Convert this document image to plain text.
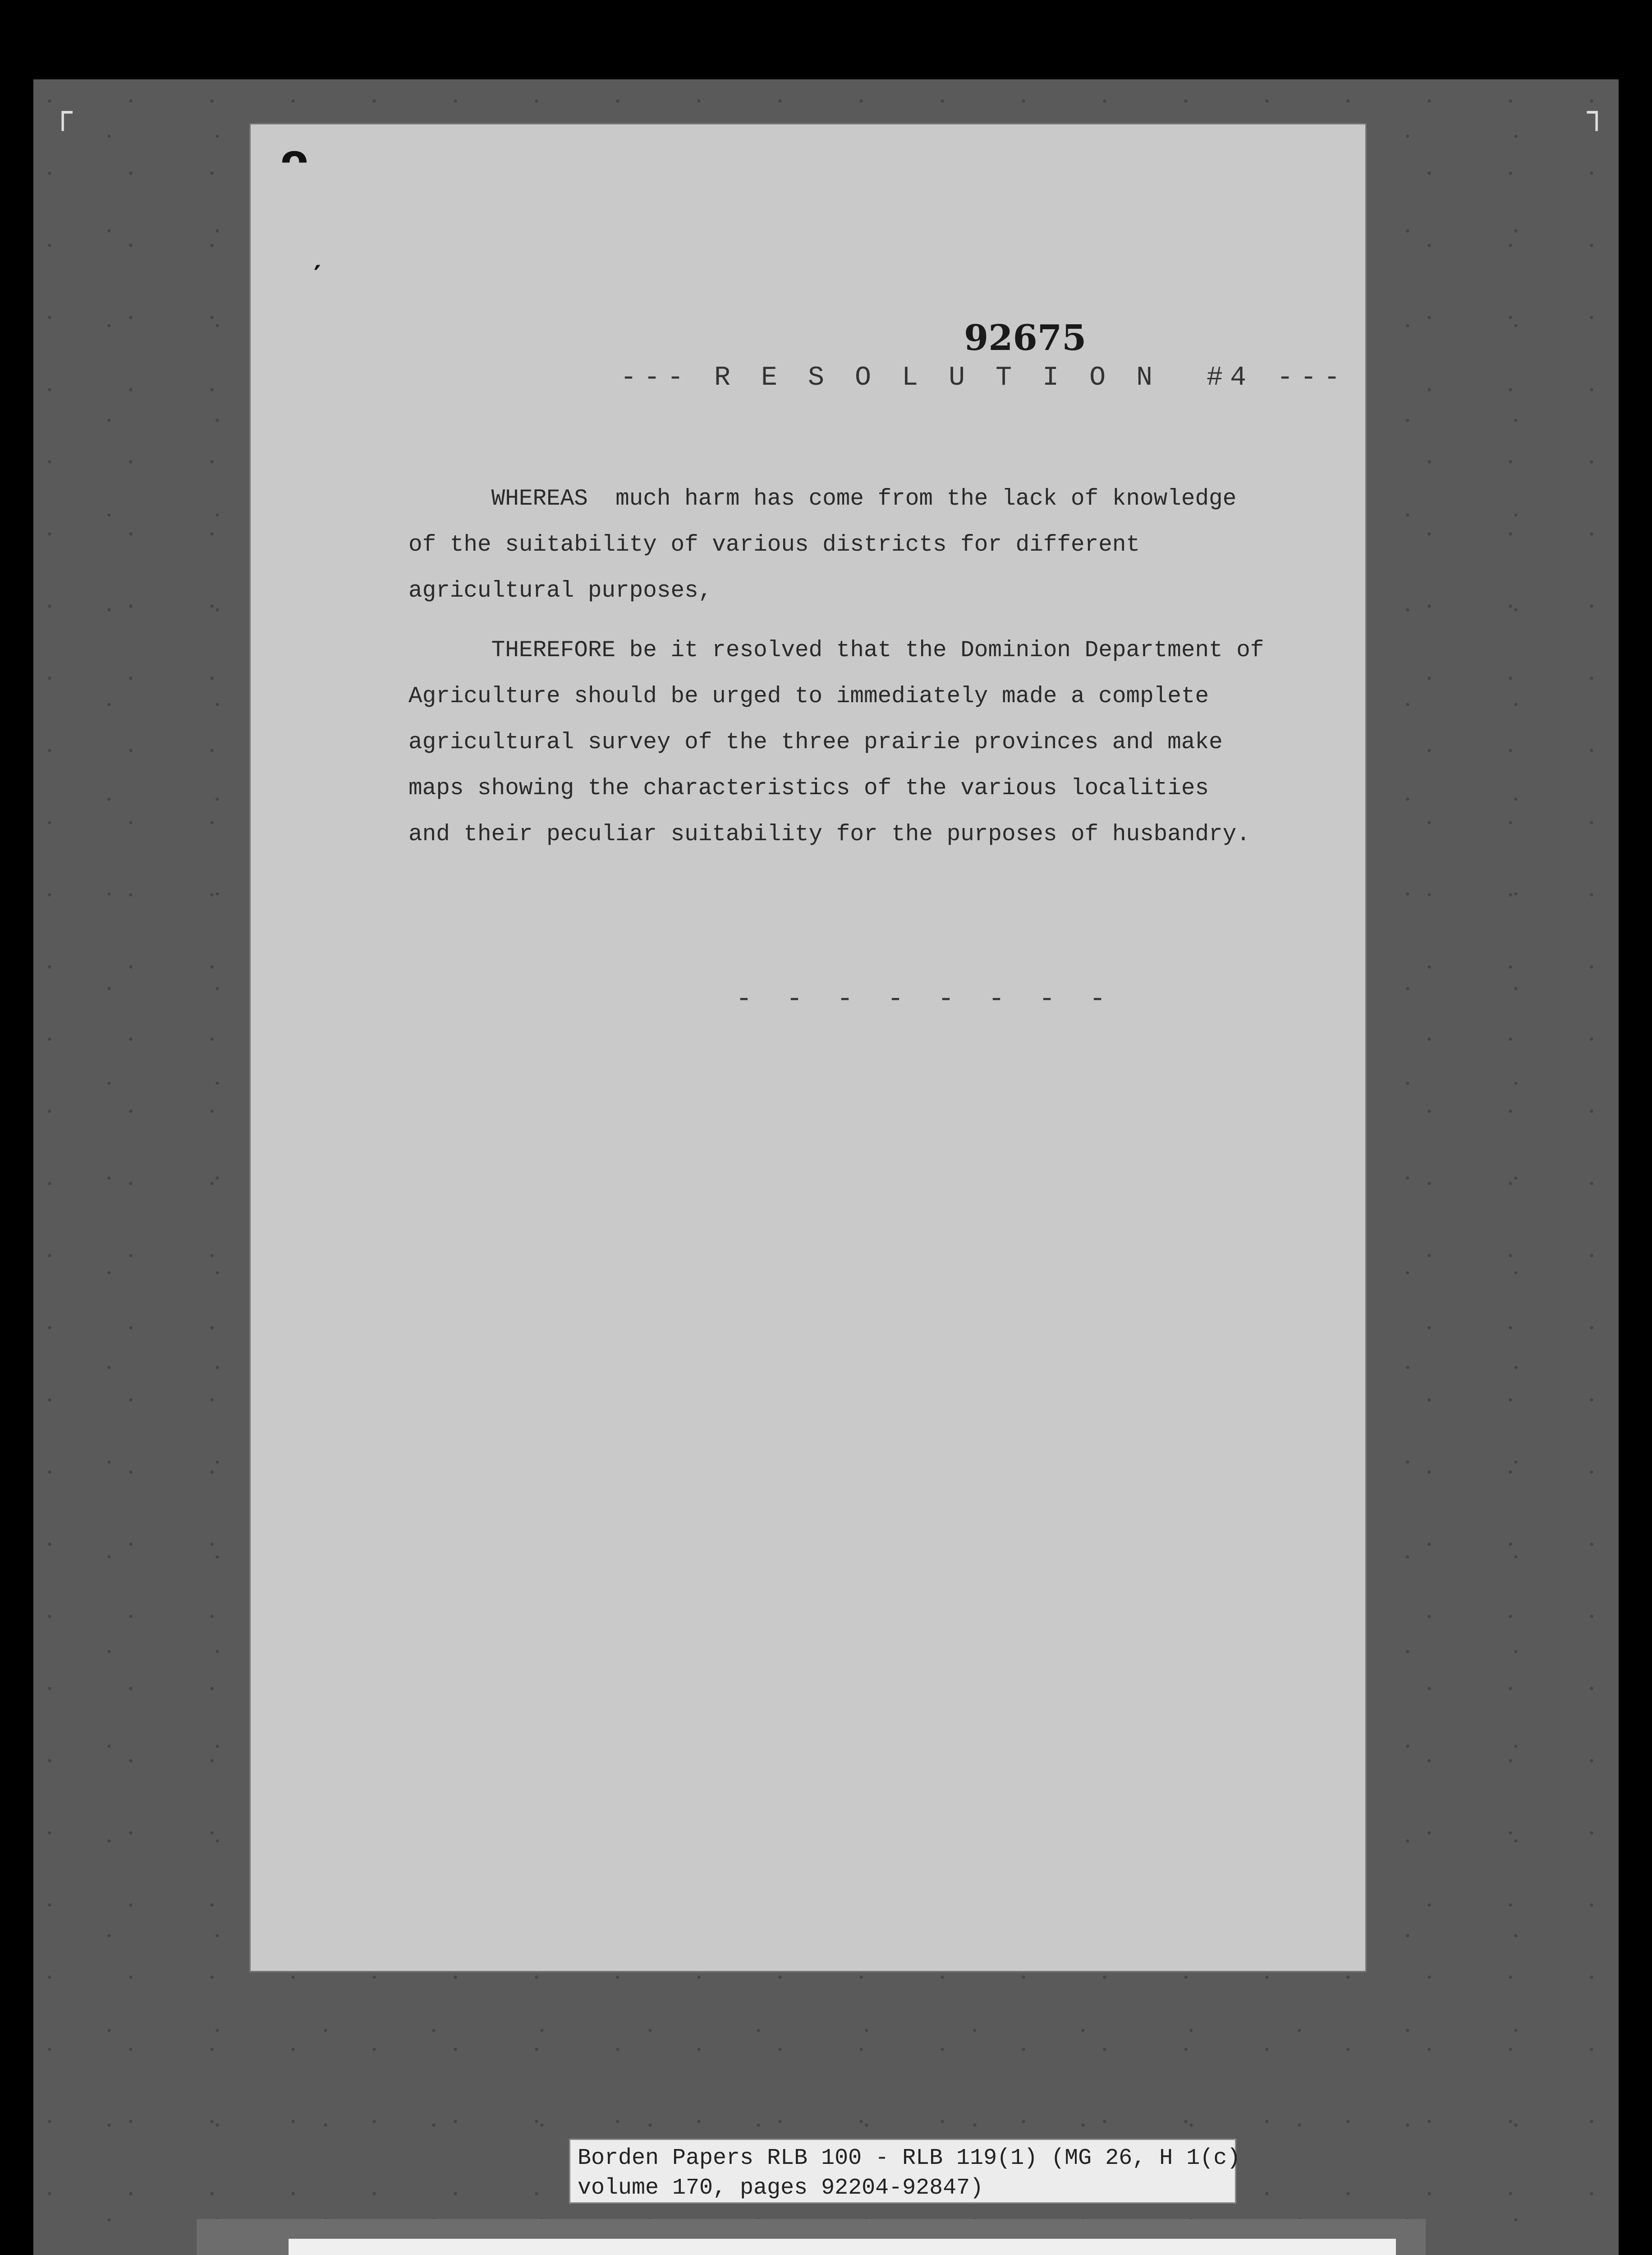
┌	┐
ᴖ
′
92675
--- R E S O L U T I O N  #4 ---
WHEREAS  much harm has come from the lack of knowledge
of the suitability of various districts for different
agricultural purposes,
THEREFORE be it resolved that the Dominion Department of
Agriculture should be urged to immediately made a complete
agricultural survey of the three prairie provinces and make
maps showing the characteristics of the various localities
and their peculiar suitability for the purposes of husbandry.
- - - - - - - -
Borden Papers RLB 100 - RLB 119(1) (MG 26, H 1(c)
volume 170, pages 92204-92847)
